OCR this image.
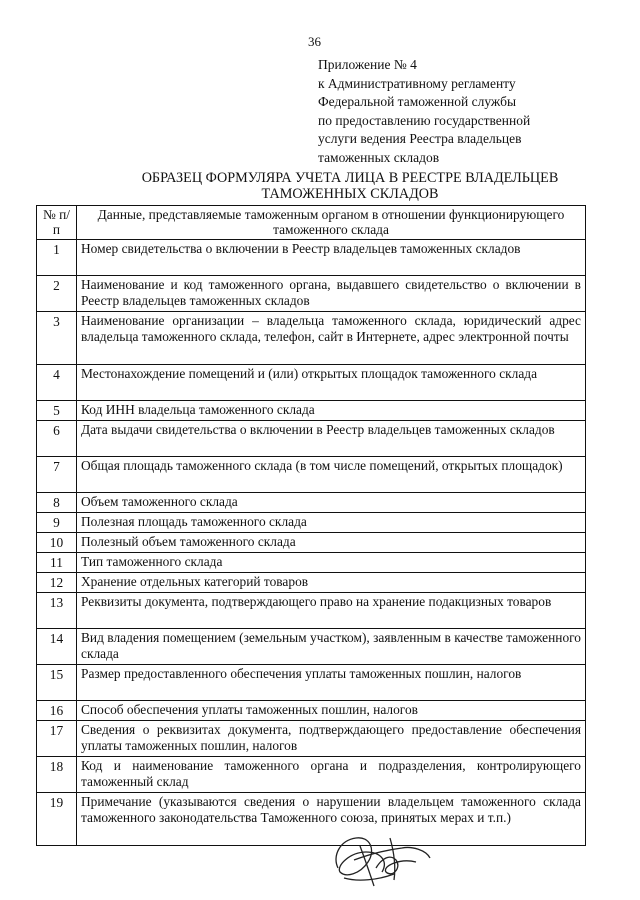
36
Приложение № 4
к Административному регламенту
Федеральной таможенной службы
по предоставлению государственной
услуги ведения Реестра владельцев
таможенных складов
ОБРАЗЕЦ ФОРМУЛЯРА УЧЕТА ЛИЦА В РЕЕСТРЕ ВЛАДЕЛЬЦЕВ
ТАМОЖЕННЫХ СКЛАДОВ
№ п/п	Данные, представляемые таможенным органом в отношении функционирующего таможенного склада
1	Номер свидетельства о включении в Реестр владельцев таможенных складов
2	Наименование и код таможенного органа, выдавшего свидетельство о включении в Реестр владельцев таможенных складов
3	Наименование организации – владельца таможенного склада, юридический адрес владельца таможенного склада, телефон, сайт в Интернете, адрес электронной почты
4	Местонахождение помещений и (или) открытых площадок таможенного склада
5	Код ИНН владельца таможенного склада
6	Дата выдачи свидетельства о включении в Реестр владельцев таможенных складов
7	Общая площадь таможенного склада (в том числе помещений, открытых площадок)
8	Объем таможенного склада
9	Полезная площадь таможенного склада
10	Полезный объем таможенного склада
11	Тип таможенного склада
12	Хранение отдельных категорий товаров
13	Реквизиты документа, подтверждающего право на хранение подакцизных товаров
14	Вид владения помещением (земельным участком), заявленным в качестве таможенного склада
15	Размер предоставленного обеспечения уплаты таможенных пошлин, налогов
16	Способ обеспечения уплаты таможенных пошлин, налогов
17	Сведения о реквизитах документа, подтверждающего предоставление обеспечения уплаты таможенных пошлин, налогов
18	Код и наименование таможенного органа и подразделения, контролирующего таможенный склад
19	Примечание (указываются сведения о нарушении владельцем таможенного склада таможенного законодательства Таможенного союза, принятых мерах и т.п.)
